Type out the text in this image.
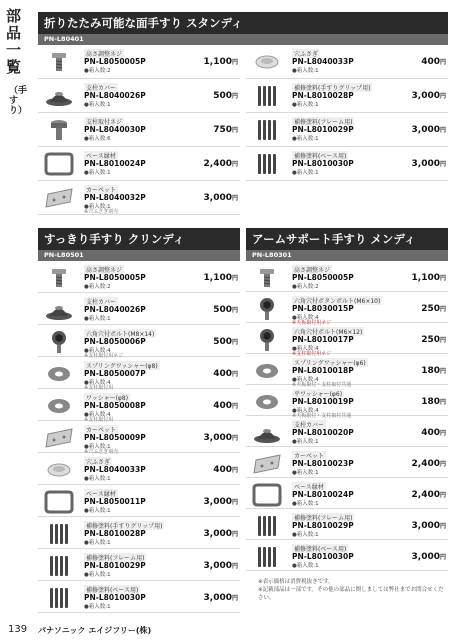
部品一覧
（手すり）
折りたたみ可能な面手すり スタンディ
PN-L80401
高さ調整ネジ
PN-L8050005P
●箱入数:2
1,100円
支柱カバー
PN-L8040026P
●箱入数:1
500円
支柱取付ネジ
PN-L8040030P
●箱入数:6
750円
ベース縁材
PN-L8010024P
●箱入数:1
2,400円
カーペット
PN-L8040032P
●箱入数:1
※穴ふさぎ別売
3,000円
穴ふさぎ
PN-L8040033P
●箱入数:1
400円
補修塗料(手すりグリップ用)
PN-L8010028P
●箱入数:1
3,000円
補修塗料(フレーム用)
PN-L8010029P
●箱入数:1
3,000円
補修塗料(ベース用)
PN-L8010030P
●箱入数:1
3,000円
すっきり手すり クリンディ
PN-L80501
高さ調整ネジ
PN-L8050005P
●箱入数:2
1,100円
支柱カバー
PN-L8040026P
●箱入数:1
500円
六角穴付ボルト(M8×14)
PN-L8050006P
●箱入数:4
※支柱取付用ネジ
500円
スプリングワッシャー(φ8)
PN-L8050007P
●箱入数:4
※支柱取付用
400円
ワッシャー(φ8)
PN-L8050008P
●箱入数:4
※支柱取付用
400円
カーペット
PN-L8050009P
●箱入数:1
※穴ふさぎ別売
3,000円
穴ふさぎ
PN-L8040033P
●箱入数:1
400円
ベース縁材
PN-L8050011P
●箱入数:1
3,000円
補修塗料(手すりグリップ用)
PN-L8010028P
●箱入数:1
3,000円
補修塗料(フレーム用)
PN-L8010029P
●箱入数:1
3,000円
補修塗料(ベース用)
PN-L8010030P
●箱入数:1
3,000円
アームサポート手すり メンディ
PN-L80301
高さ調整ネジ
PN-L8050005P
●箱入数:2
1,100円
六角穴付ボタンボルト(M6×10)
PN-L8030015P
●箱入数:4
※天板取付用ネジ
250円
六角穴付ボルト(M6×12)
PN-L8010017P
●箱入数:4
※支柱取付用ネジ
250円
スプリングワッシャー(φ6)
PN-L8010018P
●箱入数:4
※天板取付・支柱取付共通
180円
平ワッシャー(φ6)
PN-L8010019P
●箱入数:4
※天板取付・支柱取付共通
180円
支柱カバー
PN-L8010020P
●箱入数:1
400円
カーペット
PN-L8010023P
●箱入数:1
2,400円
ベース縁材
PN-L8010024P
●箱入数:1
2,400円
補修塗料(フレーム用)
PN-L8010029P
●箱入数:1
3,000円
補修塗料(ベース用)
PN-L8010030P
●箱入数:1
3,000円
※表示価格は消費税抜きです。
※記載部品は一部です。その他の部品に関しましては弊社までお問合せください。
139 パナソニック エイジフリー(株)
